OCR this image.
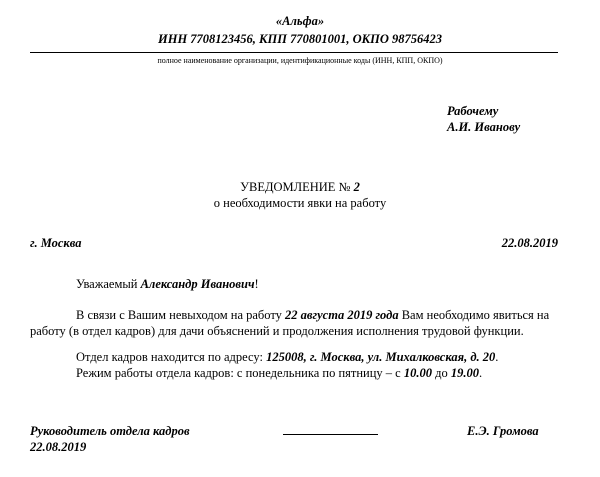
«Альфа»
ИНН 7708123456, КПП 770801001, ОКПО 98756423
полное наименование организации, идентификационные коды (ИНН, КПП, ОКПО)
Рабочему
А.И. Иванову
УВЕДОМЛЕНИЕ № 2
о необходимости явки на работу
г. Москва	22.08.2019
Уважаемый Александр Иванович!
В связи с Вашим невыходом на работу 22 августа 2019 года Вам необходимо явиться на
работу (в отдел кадров) для дачи объяснений и продолжения исполнения трудовой функции.
Отдел кадров находится по адресу: 125008, г. Москва, ул. Михалковская, д. 20.
Режим работы отдела кадров: с понедельника по пятницу – с 10.00 до 19.00.
Руководитель отдела кадров	Е.Э. Громова
22.08.2019
